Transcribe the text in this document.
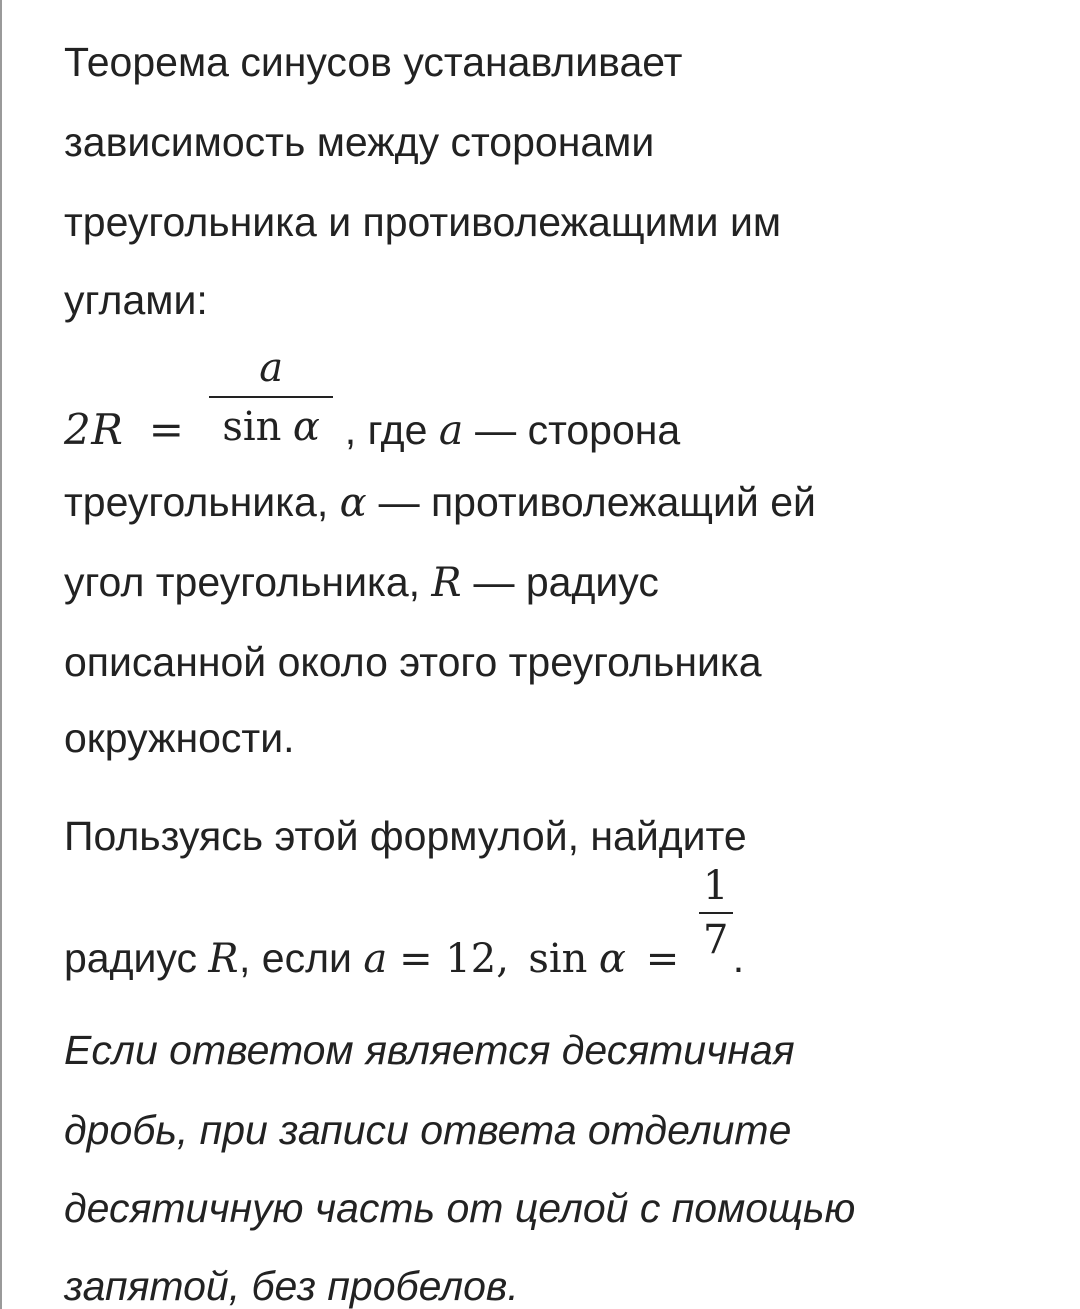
Теорема синусов устанавливает
зависимость между сторонами
треугольника и противолежащими им
углами:
$2R = \frac{a}{\text{sin α}}$ , где a — сторона
треугольника, α — противолежащий ей
угол треугольника, R — радиус
описанной около этого треугольника
окружности.
Пользуясь этой формулой, найдите
радиус R, если a = 12, $\sin \alpha = \frac{1}{7}$ .
Если ответом является десятичная
дробь, при записи ответа отделите
десятичную часть от целой с помощью
запятой, без пробелов.
